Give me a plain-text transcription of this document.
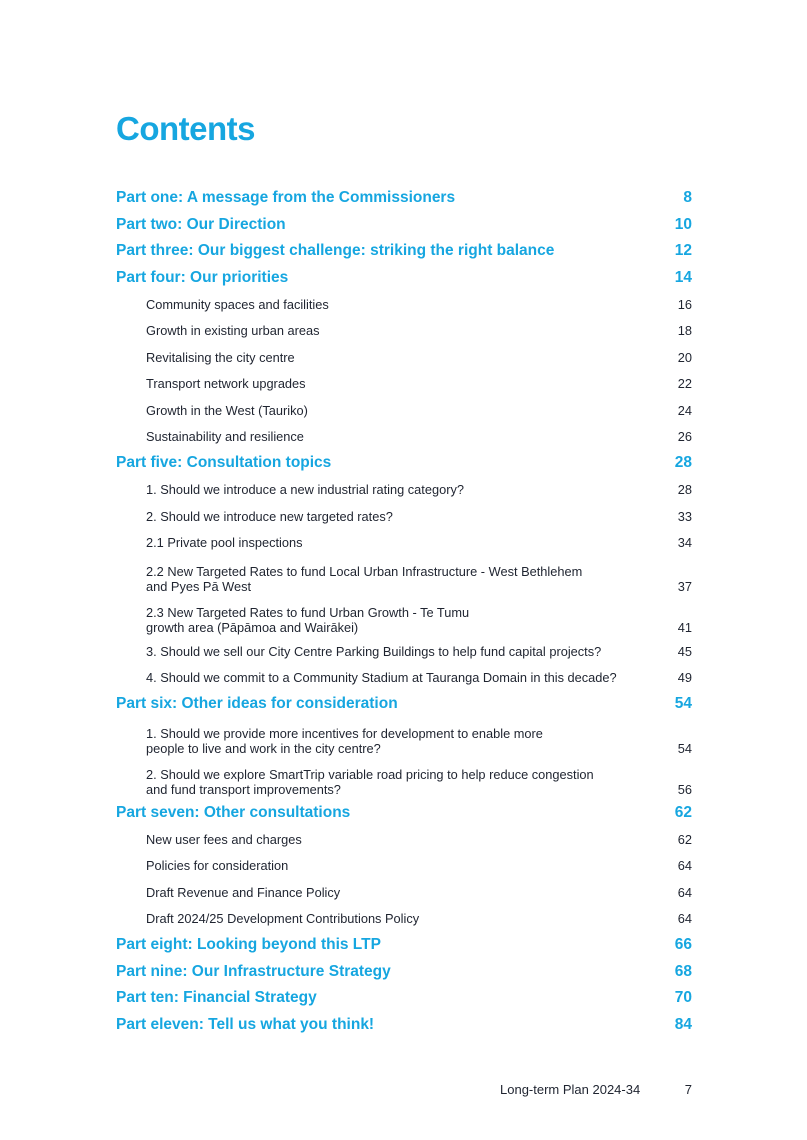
Contents
Part one: A message from the Commissioners	8
Part two: Our Direction	10
Part three: Our biggest challenge: striking the right balance	12
Part four: Our priorities	14
Community spaces and facilities	16
Growth in existing urban areas	18
Revitalising the city centre	20
Transport network upgrades	22
Growth in the West (Tauriko)	24
Sustainability and resilience	26
Part five: Consultation topics	28
1. Should we introduce a new industrial rating category?	28
2. Should we introduce new targeted rates?	33
2.1 Private pool inspections	34
2.2 New Targeted Rates to fund Local Urban Infrastructure - West Bethlehem
and Pyes Pā West	37
2.3 New Targeted Rates to fund Urban Growth - Te Tumu
growth area (Pāpāmoa and Wairākei)	41
3. Should we sell our City Centre Parking Buildings to help fund capital projects?	45
4. Should we commit to a Community Stadium at Tauranga Domain in this decade?	49
Part six: Other ideas for consideration	54
1. Should we provide more incentives for development to enable more
people to live and work in the city centre?	54
2. Should we explore SmartTrip variable road pricing to help reduce congestion
and fund transport improvements?	56
Part seven: Other consultations	62
New user fees and charges	62
Policies for consideration	64
Draft Revenue and Finance Policy	64
Draft 2024/25 Development Contributions Policy	64
Part eight: Looking beyond this LTP	66
Part nine: Our Infrastructure Strategy	68
Part ten: Financial Strategy	70
Part eleven: Tell us what you think!	84
Long-term Plan 2024-34	7
